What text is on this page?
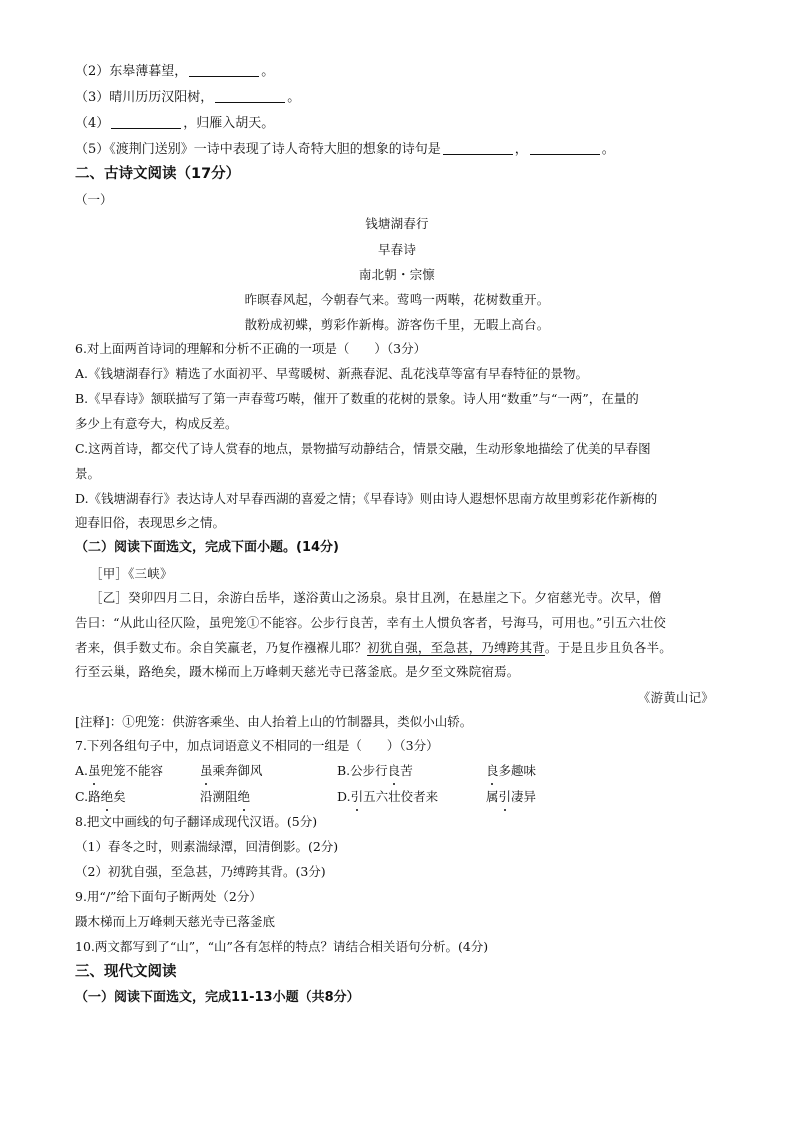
（2）东皋薄暮望，	。
（3）晴川历历汉阳树，	。
（4）	，归雁入胡天。
（5）《渡荆门送别》一诗中表现了诗人奇特大胆的想象的诗句是	，	。
二、古诗文阅读（17分）
（一）
钱塘湖春行
早春诗
南北朝・宗懔
昨暝春风起，今朝春气来。莺鸣一两啭，花树数重开。
散粉成初蝶，剪彩作新梅。游客伤千里，无暇上高台。
6.对上面两首诗词的理解和分析不正确的一项是（　　）（3分）
A.《钱塘湖春行》精选了水面初平、早莺暖树、新燕春泥、乱花浅草等富有早春特征的景物。
B.《早春诗》颔联描写了第一声春莺巧啭，催开了数重的花树的景象。诗人用“数重”与“一两”，在量的
多少上有意夸大，构成反差。
C.这两首诗，都交代了诗人赏春的地点，景物描写动静结合，情景交融，生动形象地描绘了优美的早春图
景。
D.《钱塘湖春行》表达诗人对早春西湖的喜爱之情；《早春诗》则由诗人遐想怀思南方故里剪彩花作新梅的
迎春旧俗，表现思乡之情。
（二）阅读下面选文，完成下面小题。(14分)
［甲］《三峡》
［乙］癸卯四月二日，余游白岳毕，遂浴黄山之汤泉。泉甘且冽，在悬崖之下。夕宿慈光寺。次早，僧
告曰：“从此山径仄险，虽兜笼①不能容。公步行良苦，幸有土人惯负客者，号海马，可用也。”引五六壮佼
者来，俱手数丈布。余自笑羸老，乃复作襁褓儿耶？初犹自强，至急甚，乃缚跨其背。于是且步且负各半。
行至云巢，路绝矣，蹑木梯而上万峰刺天慈光寺已落釜底。是夕至文殊院宿焉。
《游黄山记》
[注释]：①兜笼：供游客乘坐、由人抬着上山的竹制器具，类似小山轿。
7.下列各组句子中，加点词语意义不相同的一组是（　　）（3分）
A.虽兜笼不能容	虽乘奔御风	B.公步行良苦	良多趣味
C.路绝矣	沿溯阻绝	D.引五六壮佼者来	属引凄异
8.把文中画线的句子翻译成现代汉语。(5分)
（1）春冬之时，则素湍绿潭，回清倒影。(2分)
（2）初犹自强，至急甚，乃缚跨其背。(3分)
9.用“/”给下面句子断两处（2分）
蹑木梯而上万峰刺天慈光寺已落釜底
10.两文都写到了“山”，“山”各有怎样的特点？请结合相关语句分析。(4分)
三、现代文阅读
（一）阅读下面选文，完成11-13小题（共8分）
